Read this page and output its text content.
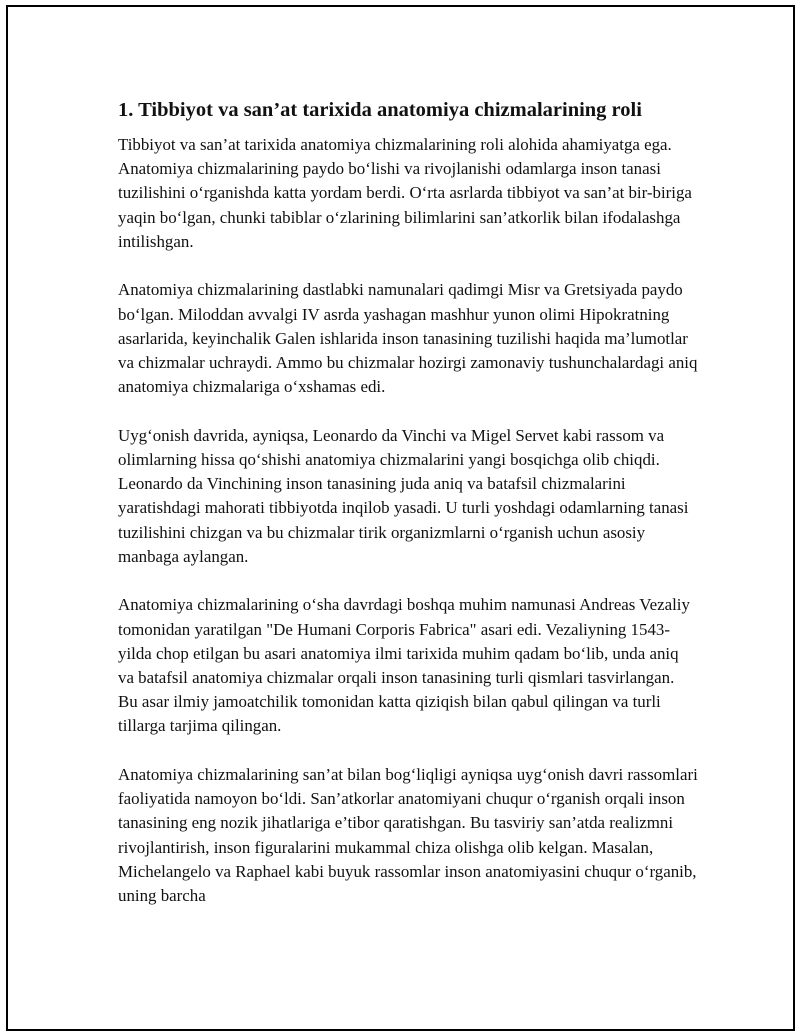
1. Tibbiyot va san’at tarixida anatomiya chizmalarining roli

Tibbiyot va san’at tarixida anatomiya chizmalarining roli alohida ahamiyatga ega. Anatomiya chizmalarining paydo bo‘lishi va rivojlanishi odamlarga inson tanasi tuzilishini o‘rganishda katta yordam berdi. O‘rta asrlarda tibbiyot va san’at bir-biriga yaqin bo‘lgan, chunki tabiblar o‘zlarining bilimlarini san’atkorlik bilan ifodalashga intilishgan.

Anatomiya chizmalarining dastlabki namunalari qadimgi Misr va Gretsiyada paydo bo‘lgan. Miloddan avvalgi IV asrda yashagan mashhur yunon olimi Hipokratning asarlarida, keyinchalik Galen ishlarida inson tanasining tuzilishi haqida ma’lumotlar va chizmalar uchraydi. Ammo bu chizmalar hozirgi zamonaviy tushunchalardagi aniq anatomiya chizmalariga o‘xshamas edi.

Uyg‘onish davrida, ayniqsa, Leonardo da Vinchi va Migel Servet kabi rassom va olimlarning hissa qo‘shishi anatomiya chizmalarini yangi bosqichga olib chiqdi. Leonardo da Vinchining inson tanasining juda aniq va batafsil chizmalarini yaratishdagi mahorati tibbiyotda inqilob yasadi. U turli yoshdagi odamlarning tanasi tuzilishini chizgan va bu chizmalar tirik organizmlarni o‘rganish uchun asosiy manbaga aylangan.

Anatomiya chizmalarining o‘sha davrdagi boshqa muhim namunasi Andreas Vezaliy tomonidan yaratilgan "De Humani Corporis Fabrica" asari edi. Vezaliyning 1543-yilda chop etilgan bu asari anatomiya ilmi tarixida muhim qadam bo‘lib, unda aniq va batafsil anatomiya chizmalar orqali inson tanasining turli qismlari tasvirlangan. Bu asar ilmiy jamoatchilik tomonidan katta qiziqish bilan qabul qilingan va turli tillarga tarjima qilingan.

Anatomiya chizmalarining san’at bilan bog‘liqligi ayniqsa uyg‘onish davri rassomlari faoliyatida namoyon bo‘ldi. San’atkorlar anatomiyani chuqur o‘rganish orqali inson tanasining eng nozik jihatlariga e’tibor qaratishgan. Bu tasviriy san’atda realizmni rivojlantirish, inson figuralarini mukammal chiza olishga olib kelgan. Masalan, Michelangelo va Raphael kabi buyuk rassomlar inson anatomiyasini chuqur o‘rganib, uning barcha
